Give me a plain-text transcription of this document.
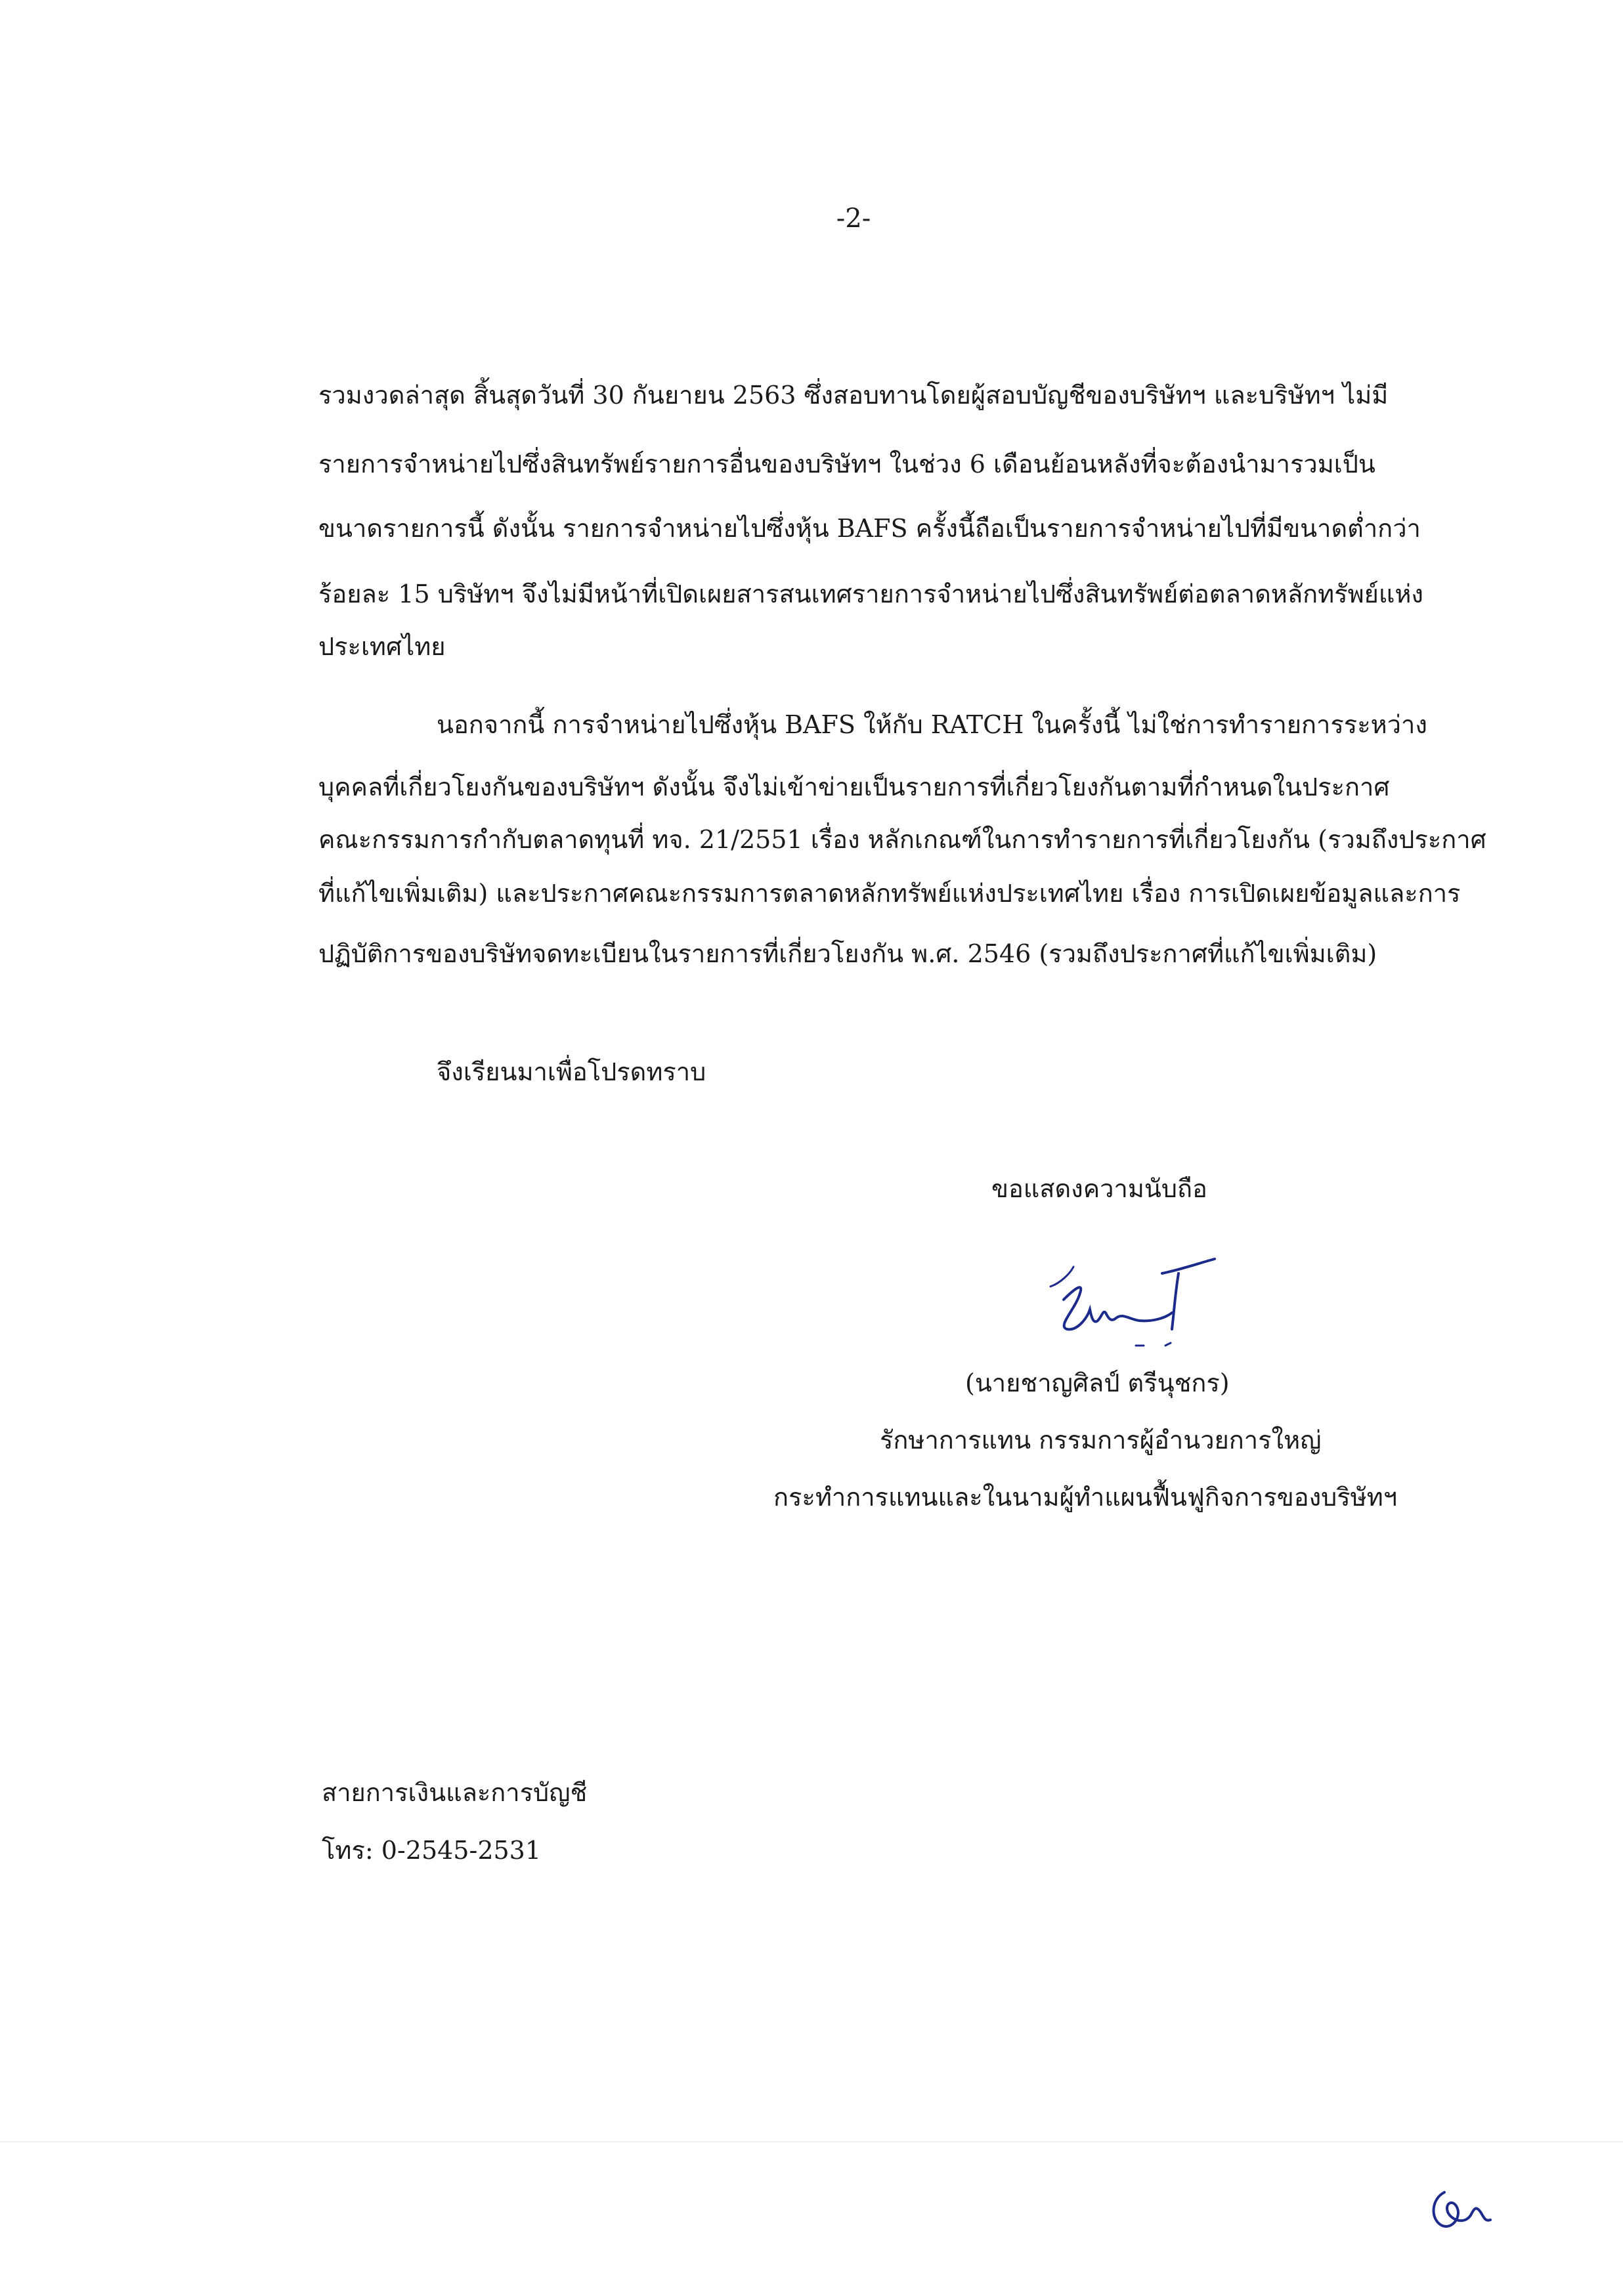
-2-
รวมงวดล่าสุด สิ้นสุดวันที่ 30 กันยายน 2563 ซึ่งสอบทานโดยผู้สอบบัญชีของบริษัทฯ และบริษัทฯ ไม่มี
รายการจำหน่ายไปซึ่งสินทรัพย์รายการอื่นของบริษัทฯ ในช่วง 6 เดือนย้อนหลังที่จะต้องนำมารวมเป็น
ขนาดรายการนี้ ดังนั้น รายการจำหน่ายไปซึ่งหุ้น BAFS ครั้งนี้ถือเป็นรายการจำหน่ายไปที่มีขนาดต่ำกว่า
ร้อยละ 15 บริษัทฯ จึงไม่มีหน้าที่เปิดเผยสารสนเทศรายการจำหน่ายไปซึ่งสินทรัพย์ต่อตลาดหลักทรัพย์แห่ง
ประเทศไทย
นอกจากนี้ การจำหน่ายไปซึ่งหุ้น BAFS ให้กับ RATCH ในครั้งนี้ ไม่ใช่การทำรายการระหว่าง
บุคคลที่เกี่ยวโยงกันของบริษัทฯ ดังนั้น จึงไม่เข้าข่ายเป็นรายการที่เกี่ยวโยงกันตามที่กำหนดในประกาศ
คณะกรรมการกำกับตลาดทุนที่ ทจ. 21/2551 เรื่อง หลักเกณฑ์ในการทำรายการที่เกี่ยวโยงกัน (รวมถึงประกาศ
ที่แก้ไขเพิ่มเติม) และประกาศคณะกรรมการตลาดหลักทรัพย์แห่งประเทศไทย เรื่อง การเปิดเผยข้อมูลและการ
ปฏิบัติการของบริษัทจดทะเบียนในรายการที่เกี่ยวโยงกัน พ.ศ. 2546 (รวมถึงประกาศที่แก้ไขเพิ่มเติม)
จึงเรียนมาเพื่อโปรดทราบ
ขอแสดงความนับถือ
(นายชาญศิลป์ ตรีนุชกร)
รักษาการแทน กรรมการผู้อำนวยการใหญ่
กระทำการแทนและในนามผู้ทำแผนฟื้นฟูกิจการของบริษัทฯ
สายการเงินและการบัญชี
โทร: 0-2545-2531
